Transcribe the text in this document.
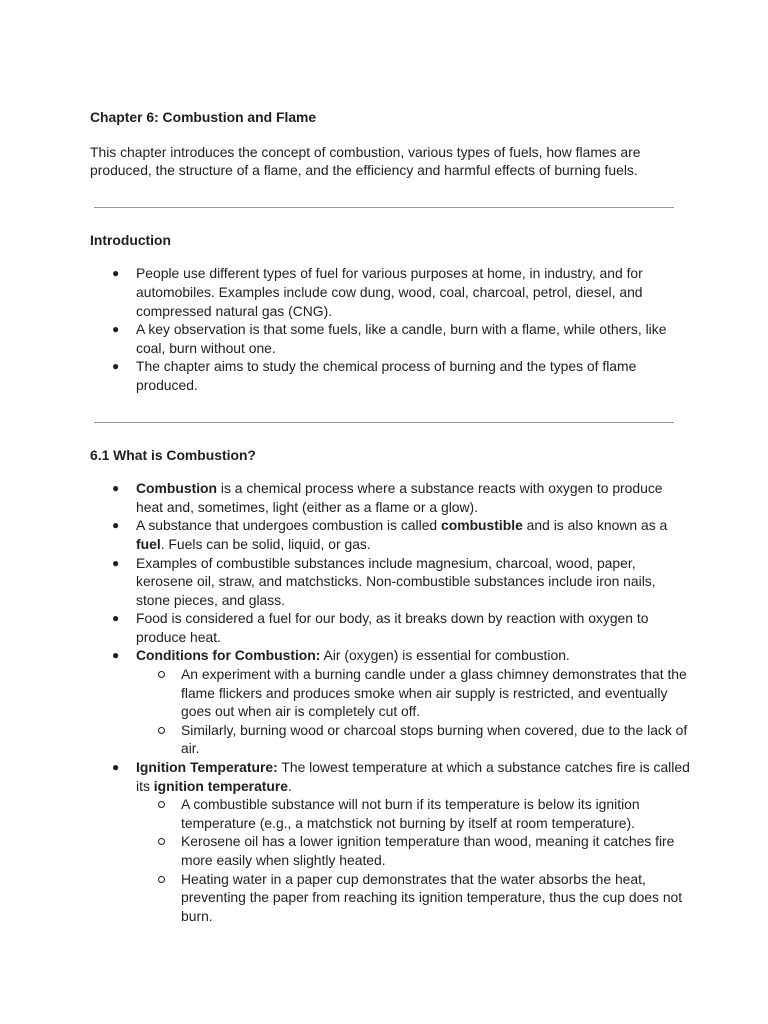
Chapter 6: Combustion and Flame

This chapter introduces the concept of combustion, various types of fuels, how flames are produced, the structure of a flame, and the efficiency and harmful effects of burning fuels.

Introduction

● People use different types of fuel for various purposes at home, in industry, and for automobiles. Examples include cow dung, wood, coal, charcoal, petrol, diesel, and compressed natural gas (CNG).
● A key observation is that some fuels, like a candle, burn with a flame, while others, like coal, burn without one.
● The chapter aims to study the chemical process of burning and the types of flame produced.

6.1 What is Combustion?

● Combustion is a chemical process where a substance reacts with oxygen to produce heat and, sometimes, light (either as a flame or a glow).
● A substance that undergoes combustion is called combustible and is also known as a fuel. Fuels can be solid, liquid, or gas.
● Examples of combustible substances include magnesium, charcoal, wood, paper, kerosene oil, straw, and matchsticks. Non-combustible substances include iron nails, stone pieces, and glass.
● Food is considered a fuel for our body, as it breaks down by reaction with oxygen to produce heat.
● Conditions for Combustion: Air (oxygen) is essential for combustion.
An experiment with a burning candle under a glass chimney demonstrates that the flame flickers and produces smoke when air supply is restricted, and eventually goes out when air is completely cut off.
Similarly, burning wood or charcoal stops burning when covered, due to the lack of air.
● Ignition Temperature: The lowest temperature at which a substance catches fire is called its ignition temperature.
A combustible substance will not burn if its temperature is below its ignition temperature (e.g., a matchstick not burning by itself at room temperature).
Kerosene oil has a lower ignition temperature than wood, meaning it catches fire more easily when slightly heated.
Heating water in a paper cup demonstrates that the water absorbs the heat, preventing the paper from reaching its ignition temperature, thus the cup does not burn.
